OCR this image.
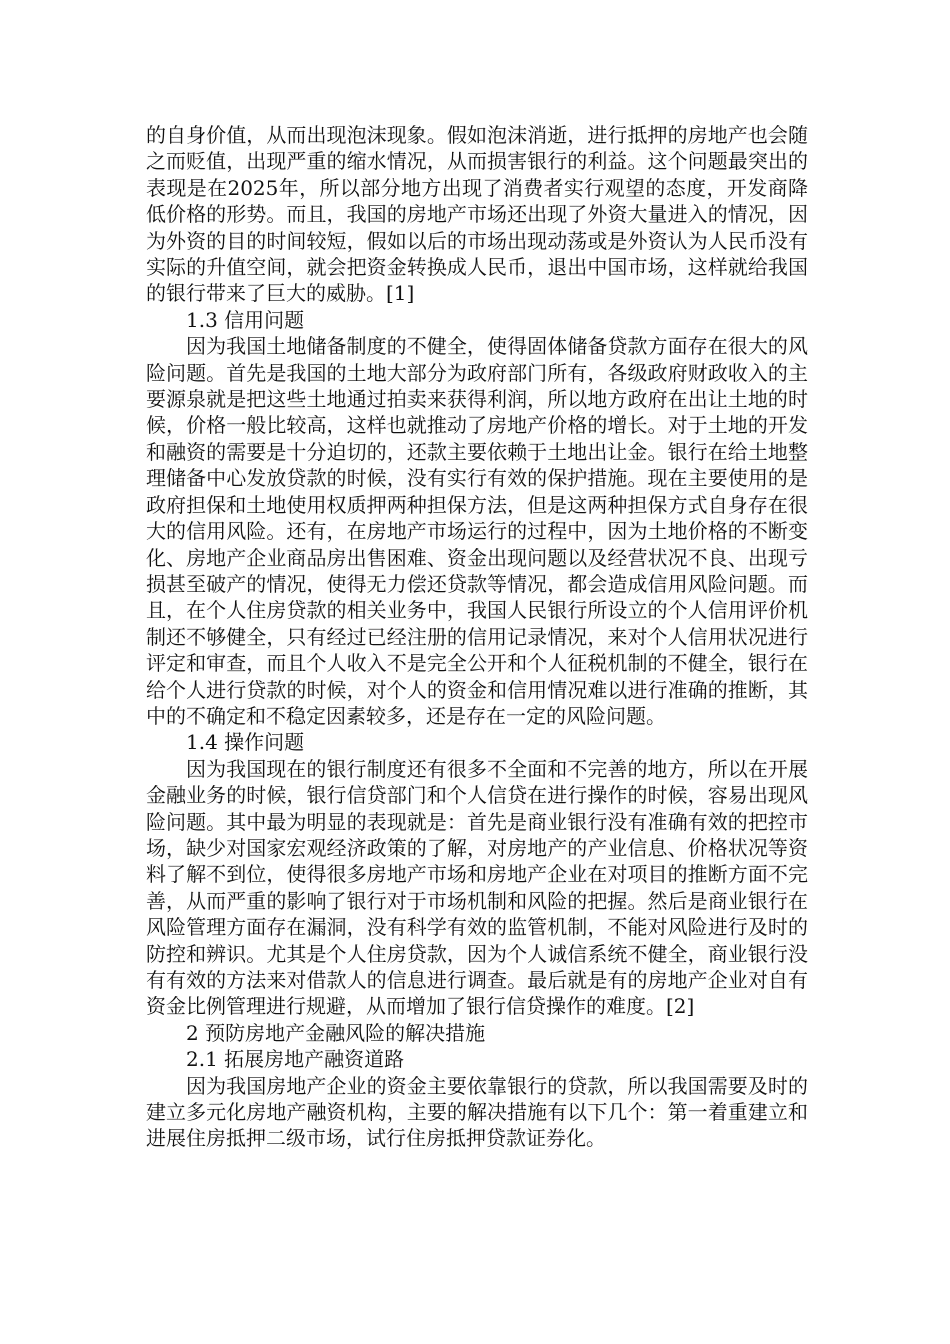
的自身价值，从而出现泡沫现象。假如泡沫消逝，进行抵押的房地产也会随之而贬值，出现严重的缩水情况，从而损害银行的利益。这个问题最突出的表现是在2025年，所以部分地方出现了消费者实行观望的态度，开发商降低价格的形势。而且，我国的房地产市场还出现了外资大量进入的情况，因为外资的目的时间较短，假如以后的市场出现动荡或是外资认为人民币没有实际的升值空间，就会把资金转换成人民币，退出中国市场，这样就给我国的银行带来了巨大的威胁。[1]

1.3 信用问题

因为我国土地储备制度的不健全，使得固体储备贷款方面存在很大的风险问题。首先是我国的土地大部分为政府部门所有，各级政府财政收入的主要源泉就是把这些土地通过拍卖来获得利润，所以地方政府在出让土地的时候，价格一般比较高，这样也就推动了房地产价格的增长。对于土地的开发和融资的需要是十分迫切的，还款主要依赖于土地出让金。银行在给土地整理储备中心发放贷款的时候，没有实行有效的保护措施。现在主要使用的是政府担保和土地使用权质押两种担保方法，但是这两种担保方式自身存在很大的信用风险。还有，在房地产市场运行的过程中，因为土地价格的不断变化、房地产企业商品房出售困难、资金出现问题以及经营状况不良、出现亏损甚至破产的情况，使得无力偿还贷款等情况，都会造成信用风险问题。而且，在个人住房贷款的相关业务中，我国人民银行所设立的个人信用评价机制还不够健全，只有经过已经注册的信用记录情况，来对个人信用状况进行评定和审查，而且个人收入不是完全公开和个人征税机制的不健全，银行在给个人进行贷款的时候，对个人的资金和信用情况难以进行准确的推断，其中的不确定和不稳定因素较多，还是存在一定的风险问题。

1.4 操作问题

因为我国现在的银行制度还有很多不全面和不完善的地方，所以在开展金融业务的时候，银行信贷部门和个人信贷在进行操作的时候，容易出现风险问题。其中最为明显的表现就是：首先是商业银行没有准确有效的把控市场，缺少对国家宏观经济政策的了解，对房地产的产业信息、价格状况等资料了解不到位，使得很多房地产市场和房地产企业在对项目的推断方面不完善，从而严重的影响了银行对于市场机制和风险的把握。然后是商业银行在风险管理方面存在漏洞，没有科学有效的监管机制，不能对风险进行及时的防控和辨识。尤其是个人住房贷款，因为个人诚信系统不健全，商业银行没有有效的方法来对借款人的信息进行调查。最后就是有的房地产企业对自有资金比例管理进行规避，从而增加了银行信贷操作的难度。[2]

2 预防房地产金融风险的解决措施

2.1 拓展房地产融资道路

因为我国房地产企业的资金主要依靠银行的贷款，所以我国需要及时的建立多元化房地产融资机构，主要的解决措施有以下几个：第一着重建立和进展住房抵押二级市场，试行住房抵押贷款证券化。
